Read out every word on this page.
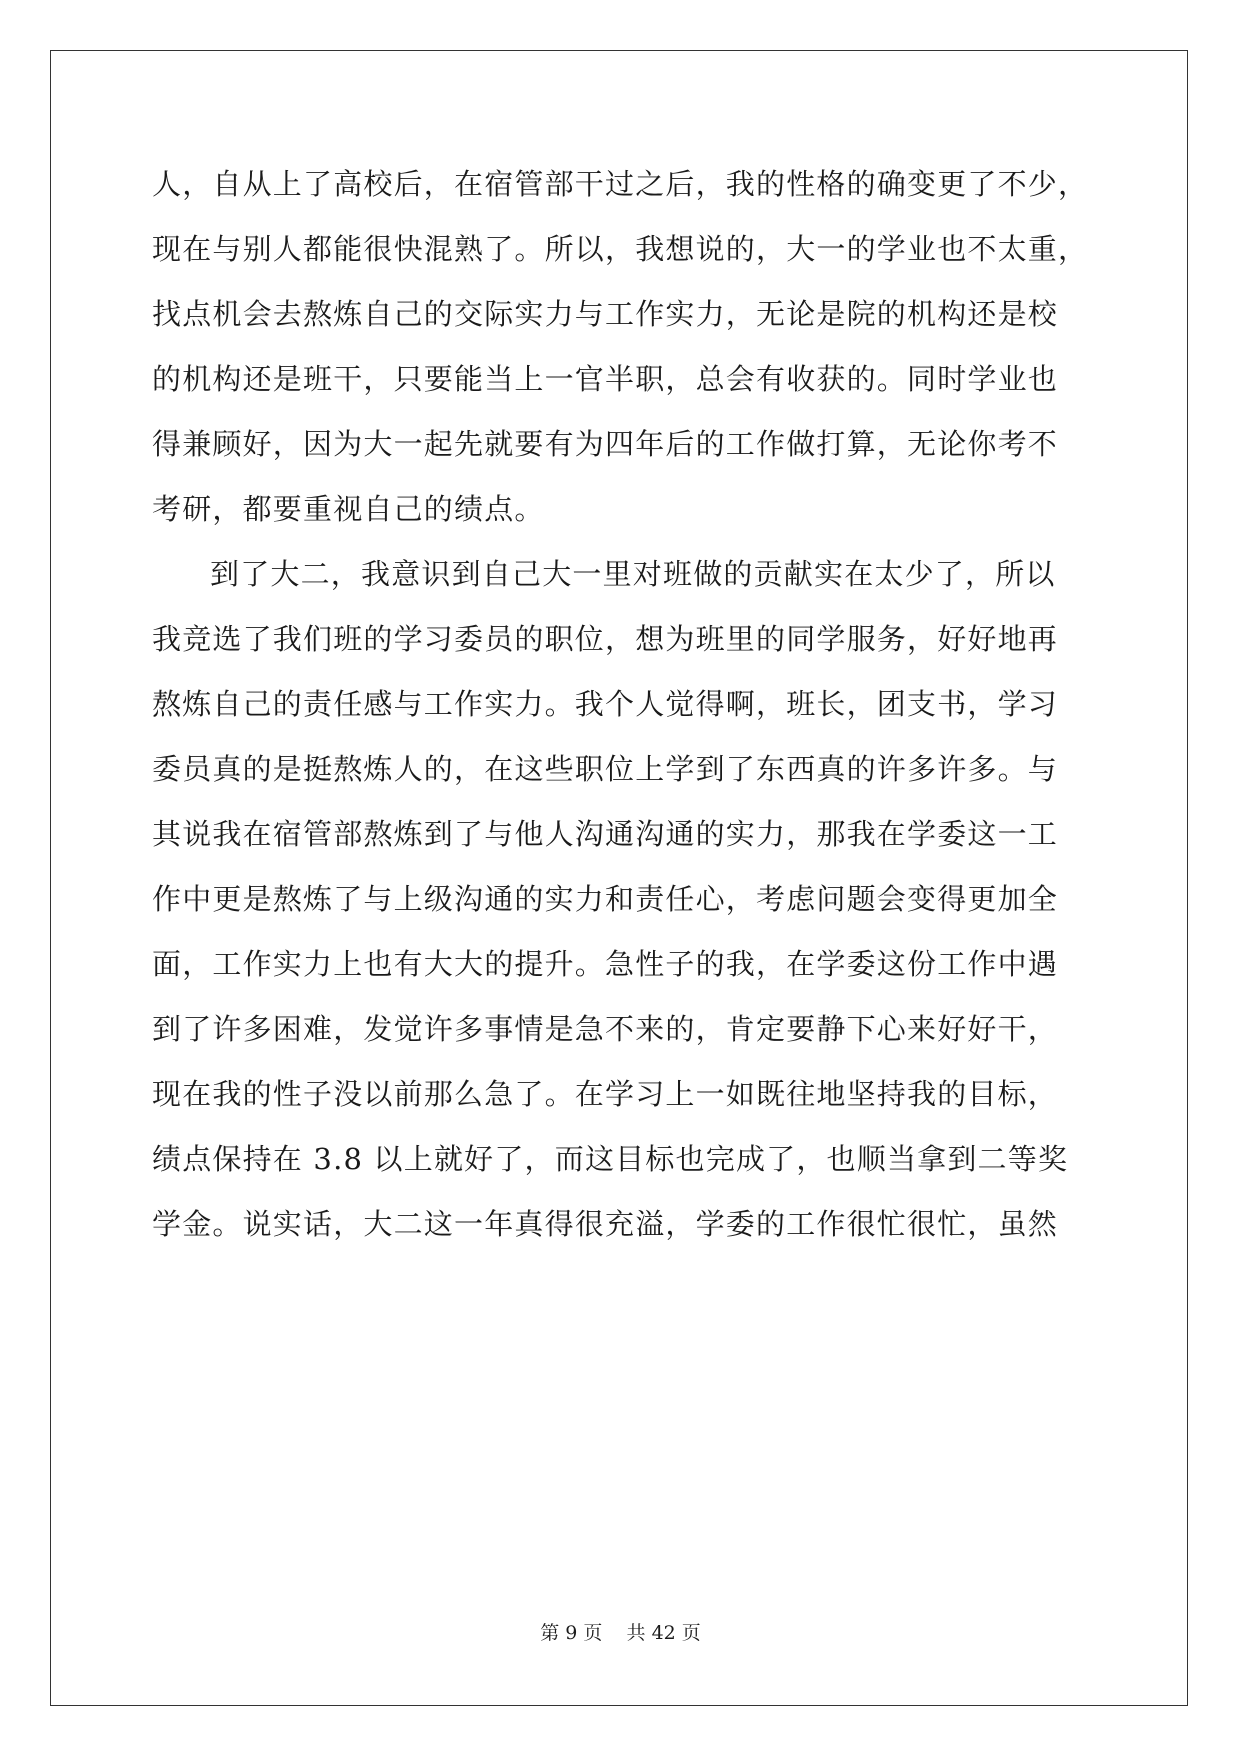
人，自从上了高校后，在宿管部干过之后，我的性格的确变更了不少，
现在与别人都能很快混熟了。所以，我想说的，大一的学业也不太重，
找点机会去熬炼自己的交际实力与工作实力，无论是院的机构还是校
的机构还是班干，只要能当上一官半职，总会有收获的。同时学业也
得兼顾好，因为大一起先就要有为四年后的工作做打算，无论你考不
考研，都要重视自己的绩点。
到了大二，我意识到自己大一里对班做的贡献实在太少了，所以
我竞选了我们班的学习委员的职位，想为班里的同学服务，好好地再
熬炼自己的责任感与工作实力。我个人觉得啊，班长，团支书，学习
委员真的是挺熬炼人的，在这些职位上学到了东西真的许多许多。与
其说我在宿管部熬炼到了与他人沟通沟通的实力，那我在学委这一工
作中更是熬炼了与上级沟通的实力和责任心，考虑问题会变得更加全
面，工作实力上也有大大的提升。急性子的我，在学委这份工作中遇
到了许多困难，发觉许多事情是急不来的，肯定要静下心来好好干，
现在我的性子没以前那么急了。在学习上一如既往地坚持我的目标，
绩点保持在 3.8 以上就好了，而这目标也完成了，也顺当拿到二等奖
学金。说实话，大二这一年真得很充溢，学委的工作很忙很忙，虽然
第 9 页    共 42 页
